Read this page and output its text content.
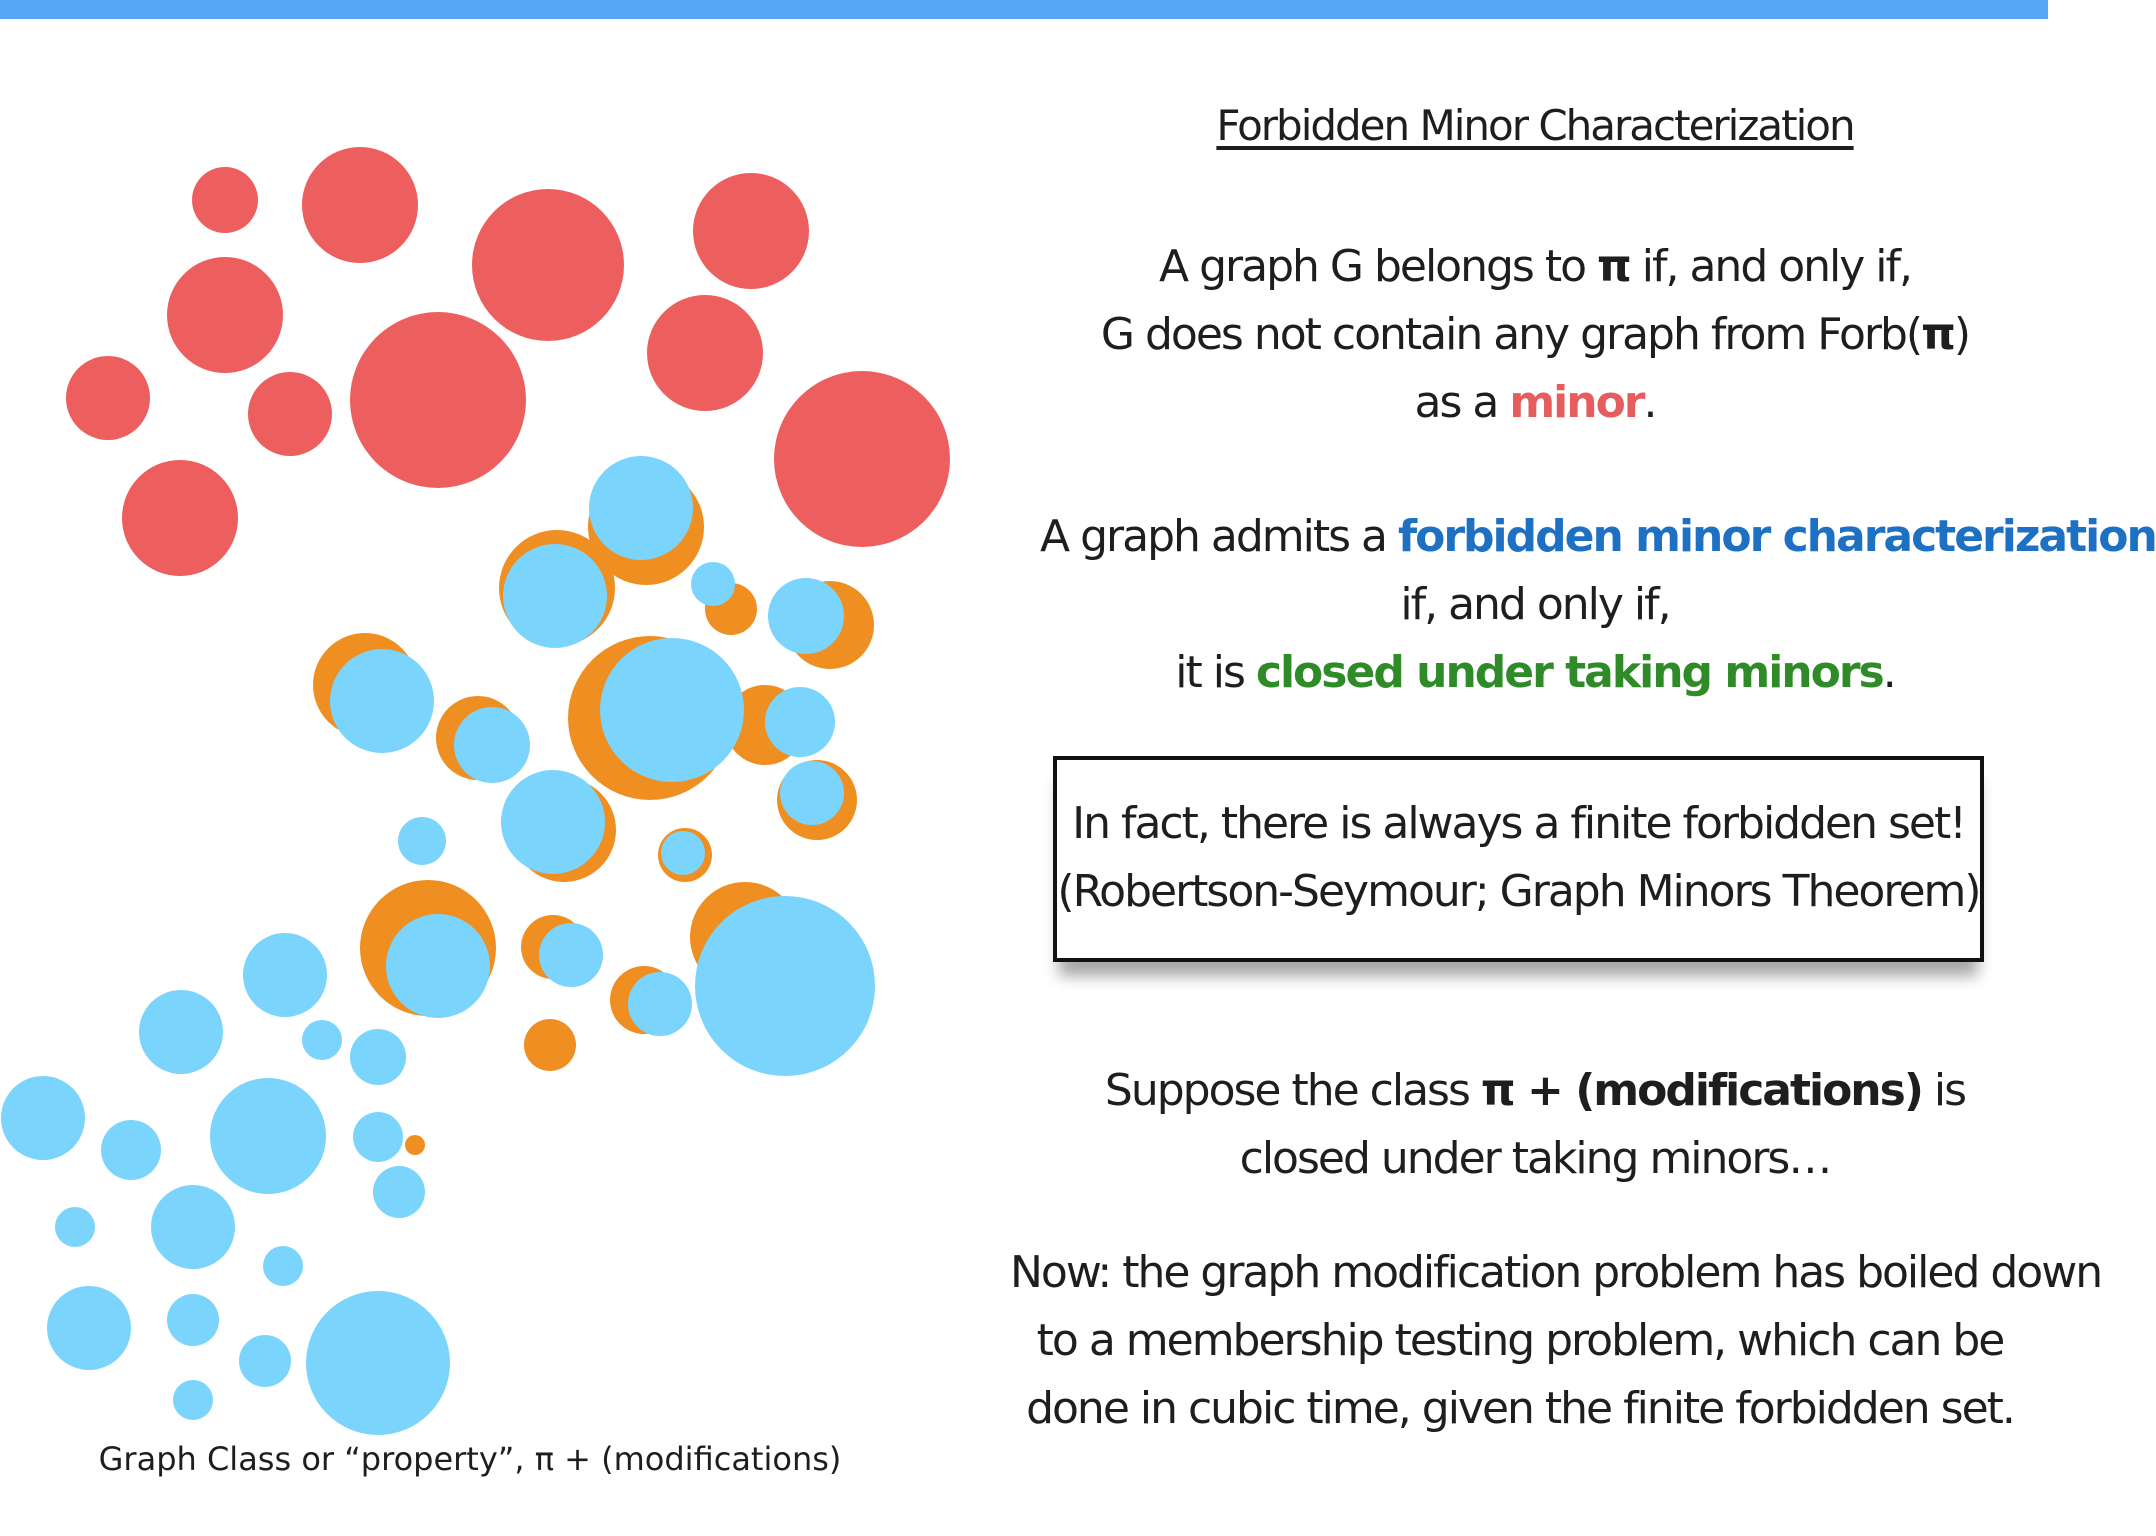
Forbidden Minor Characterization
A graph G belongs to π if, and only if,
G does not contain any graph from Forb(π)
as a minor.
A graph admits a forbidden minor characterization
if, and only if,
it is closed under taking minors.
In fact, there is always a finite forbidden set!
(Robertson-Seymour; Graph Minors Theorem)
Suppose the class π + (modifications) is
closed under taking minors…
Now: the graph modification problem has boiled down
to a membership testing problem, which can be
done in cubic time, given the finite forbidden set.
Graph Class or “property”, π + (modifications)
